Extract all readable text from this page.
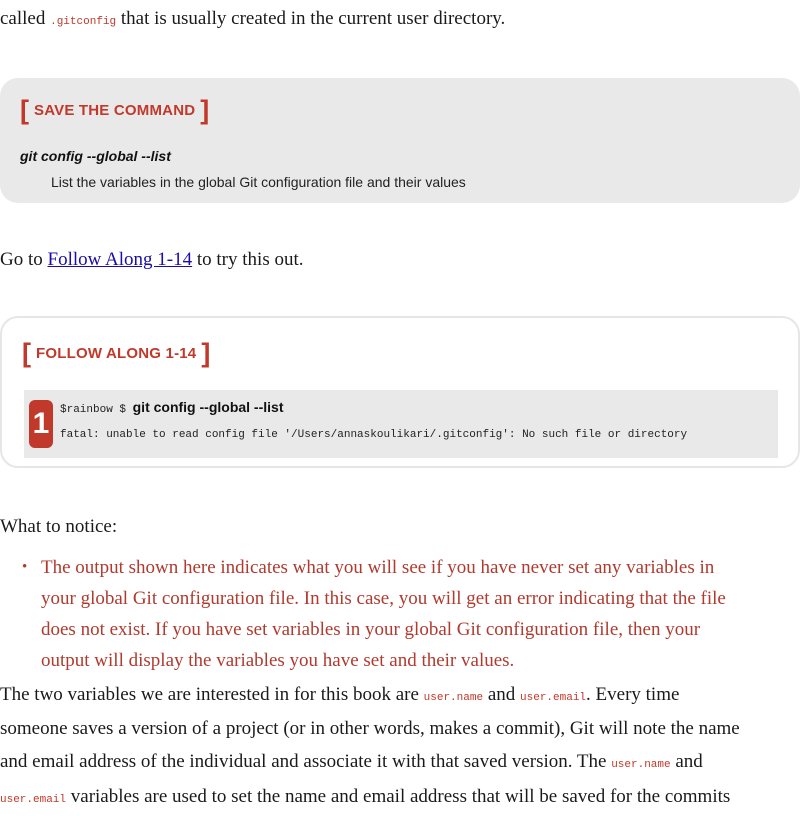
called .gitconfig that is usually created in the current user directory.

[ SAVE THE COMMAND ]
git config --global --list
List the variables in the global Git configuration file and their values

Go to Follow Along 1-14 to try this out.

[ FOLLOW ALONG 1-14 ]
1 $rainbow $ git config --global --list
fatal: unable to read config file '/Users/annaskoulikari/.gitconfig': No such file or directory

What to notice:

• The output shown here indicates what you will see if you have never set any variables in
your global Git configuration file. In this case, you will get an error indicating that the file
does not exist. If you have set variables in your global Git configuration file, then your
output will display the variables you have set and their values.

The two variables we are interested in for this book are user.name and user.email. Every time

someone saves a version of a project (or in other words, makes a commit), Git will note the name

and email address of the individual and associate it with that saved version. The user.name and

user.email variables are used to set the name and email address that will be saved for the commits
